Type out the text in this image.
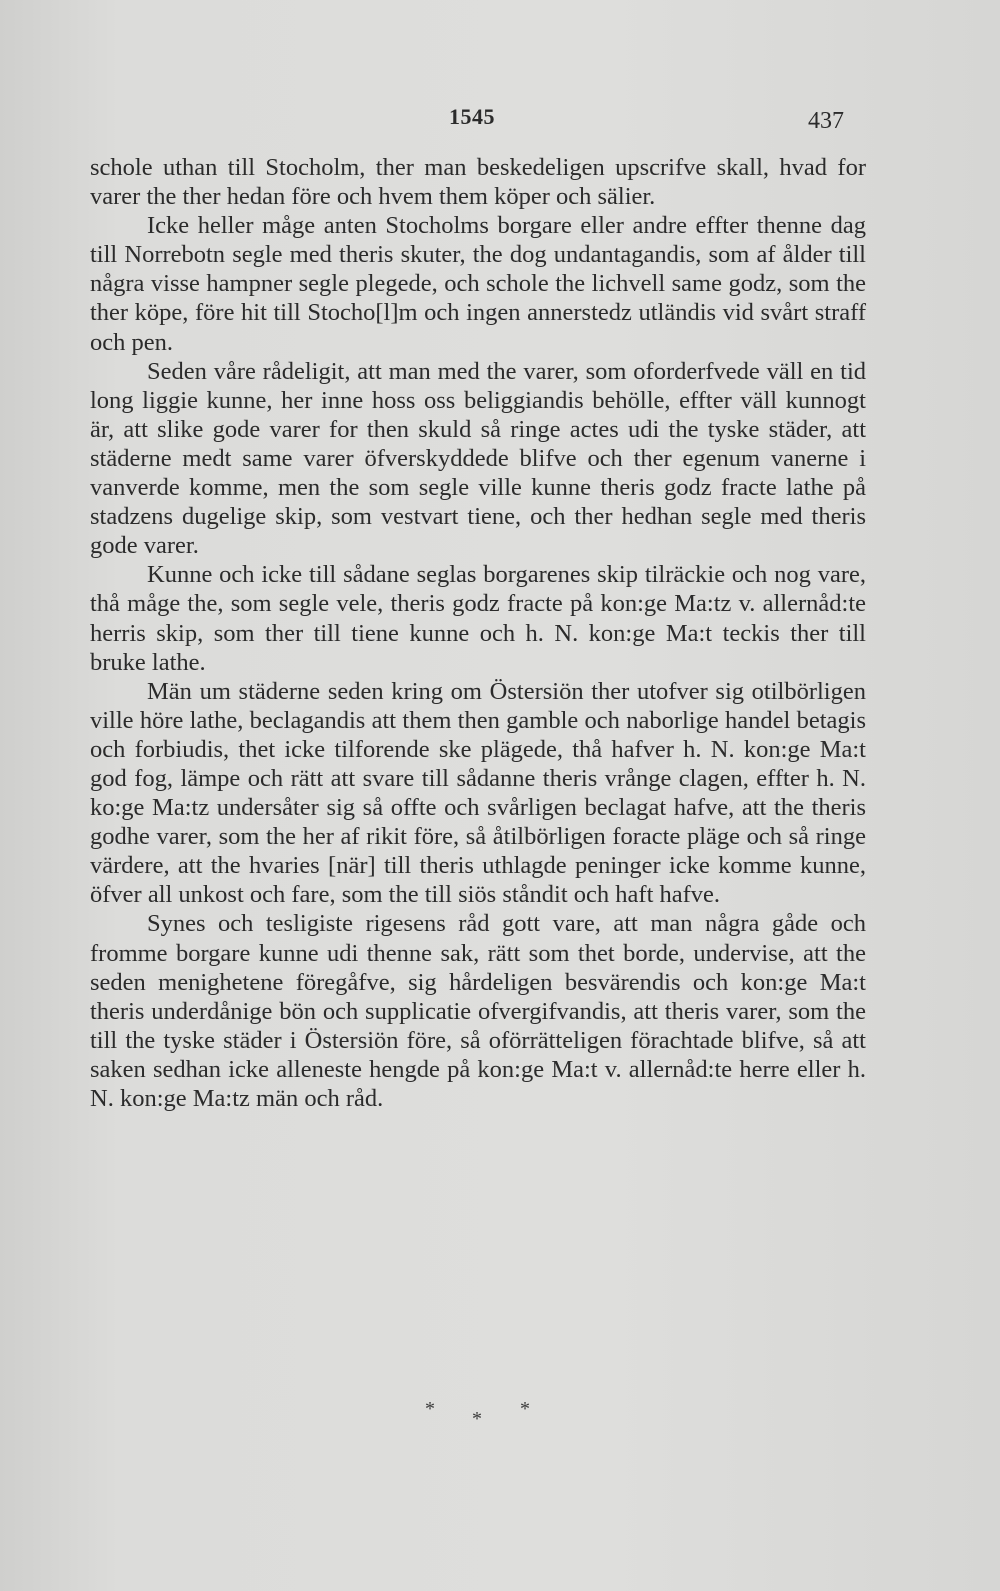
1545	437

schole uthan till Stocholm, ther man beskedeligen upscrifve skall, hvad for varer the ther hedan före och hvem them köper och sälier.

Icke heller måge anten Stocholms borgare eller andre effter thenne dag till Norrebotn segle med theris skuter, the dog undantagandis, som af ålder till några visse hampner segle plegede, och schole the lichvell same godz, som the ther köpe, före hit till Stocho[l]m och ingen annerstedz utländis vid svårt straff och pen.

Seden våre rådeligit, att man med the varer, som oforderfvede väll en tid long liggie kunne, her inne hoss oss beliggiandis behölle, effter väll kunnogt är, att slike gode varer for then skuld så ringe actes udi the tyske städer, att städerne medt same varer öfverskyddede blifve och ther egenum vanerne i vanverde komme, men the som segle ville kunne theris godz fracte lathe på stadzens dugelige skip, som vestvart tiene, och ther hedhan segle med theris gode varer.

Kunne och icke till sådane seglas borgarenes skip tilräckie och nog vare, thå måge the, som segle vele, theris godz fracte på kon:ge Ma:tz v. allernåd:te herris skip, som ther till tiene kunne och h. N. kon:ge Ma:t teckis ther till bruke lathe.

Män um städerne seden kring om Östersiön ther utofver sig otilbörligen ville höre lathe, beclagandis att them then gamble och naborlige handel betagis och forbiudis, thet icke tilforende ske plägede, thå hafver h. N. kon:ge Ma:t god fog, lämpe och rätt att svare till sådanne theris vrånge clagen, effter h. N. ko:ge Ma:tz undersåter sig så offte och svårligen beclagat hafve, att the theris godhe varer, som the her af rikit före, så åtilbörligen foracte pläge och så ringe värdere, att the hvaries [när] till theris uthlagde peninger icke komme kunne, öfver all unkost och fare, som the till siös ståndit och haft hafve.

Synes och tesligiste rigesens råd gott vare, att man några gåde och fromme borgare kunne udi thenne sak, rätt som thet borde, undervise, att the seden menighetene föregåfve, sig hårdeligen besvärendis och kon:ge Ma:t theris underdånige bön och supplicatie ofvergifvandis, att theris varer, som the till the tyske städer i Östersiön före, så oförrätteligen förachtade blifve, så att saken sedhan icke alleneste hengde på kon:ge Ma:t v. allernåd:te herre eller h. N. kon:ge Ma:tz män och råd.

* * *
